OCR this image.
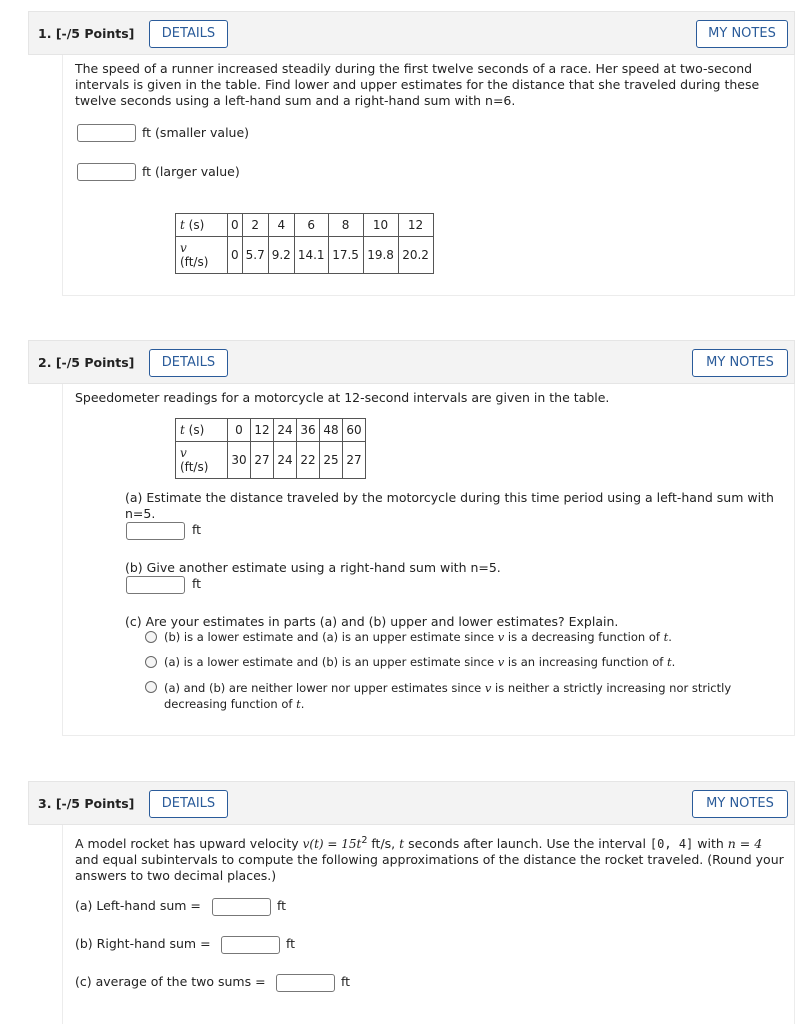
1. [-/5 Points]	DETAILS	MY NOTES
The speed of a runner increased steadily during the first twelve seconds of a race. Her speed at two-second intervals is given in the table. Find lower and upper estimates for the distance that she traveled during these twelve seconds using a left-hand sum and a right-hand sum with n=6.
ft (smaller value)
ft (larger value)
t (s)	0	2	4	6	8	10	12
v
(ft/s)	0	5.7	9.2	14.1	17.5	19.8	20.2
2. [-/5 Points]	DETAILS	MY NOTES
Speedometer readings for a motorcycle at 12-second intervals are given in the table.
t (s)	0	12	24	36	48	60
v
(ft/s)	30	27	24	22	25	27
(a) Estimate the distance traveled by the motorcycle during this time period using a left-hand sum with n=5.
ft
(b) Give another estimate using a right-hand sum with n=5.
ft
(c) Are your estimates in parts (a) and (b) upper and lower estimates? Explain.
(b) is a lower estimate and (a) is an upper estimate since v is a decreasing function of t.
(a) is a lower estimate and (b) is an upper estimate since v is an increasing function of t.
(a) and (b) are neither lower nor upper estimates since v is neither a strictly increasing nor strictly decreasing function of t.
3. [-/5 Points]	DETAILS	MY NOTES
A model rocket has upward velocity $v(t) = 15t^2$ ft/s, t seconds after launch. Use the interval [0, 4] with n = 4 and equal subintervals to compute the following approximations of the distance the rocket traveled. (Round your answers to two decimal places.)
(a) Left-hand sum =	ft
(b) Right-hand sum =	ft
(c) average of the two sums =	ft
